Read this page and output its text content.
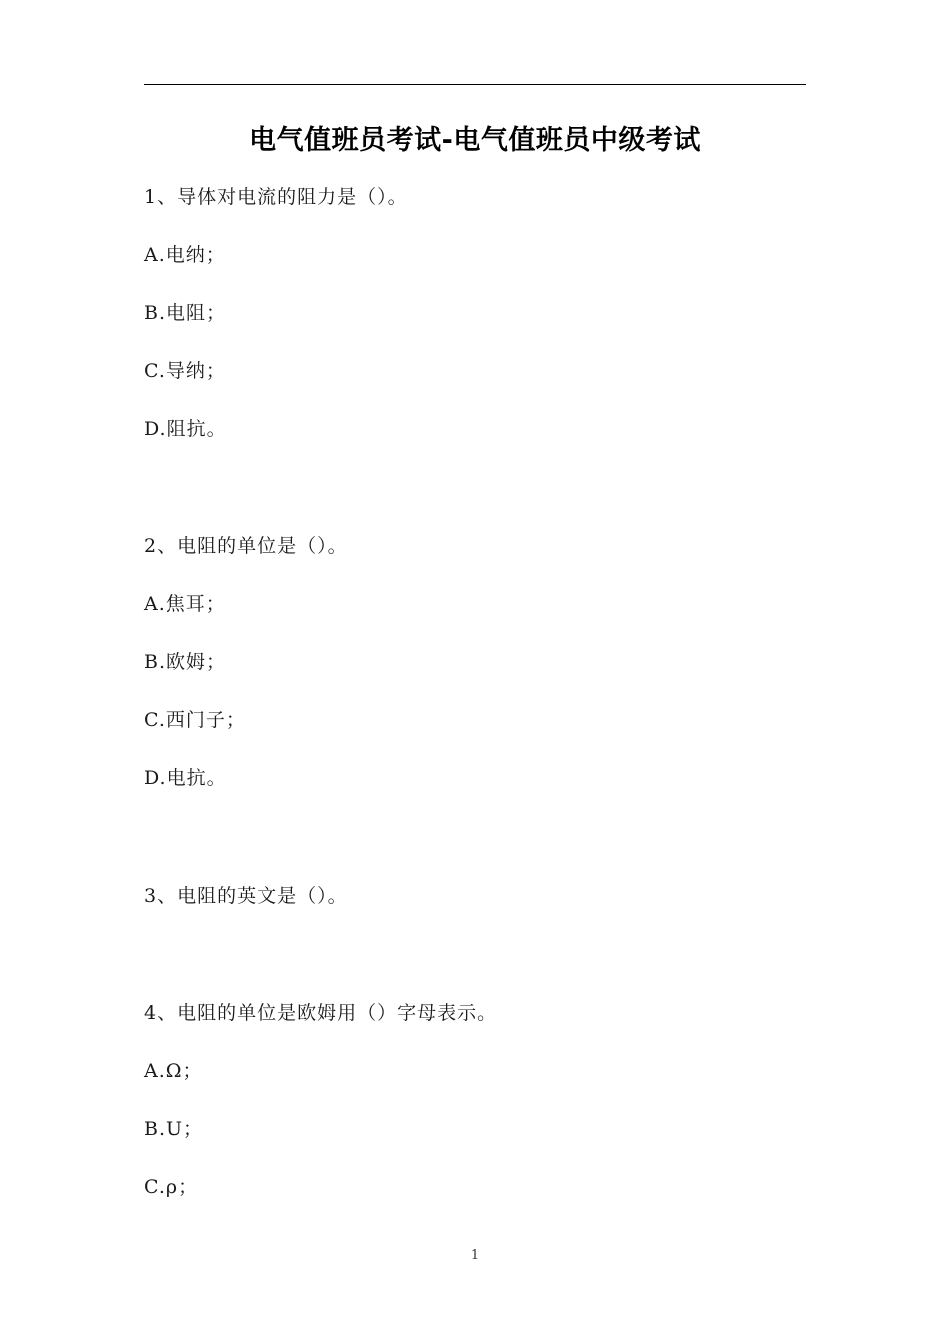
电气值班员考试-电气值班员中级考试
1、导体对电流的阻力是（）。
A.电纳；
B.电阻；
C.导纳；
D.阻抗。
2、电阻的单位是（）。
A.焦耳；
B.欧姆；
C.西门子；
D.电抗。
3、电阻的英文是（）。
4、电阻的单位是欧姆用（）字母表示。
A.Ω；
B.U；
C.ρ；
1
